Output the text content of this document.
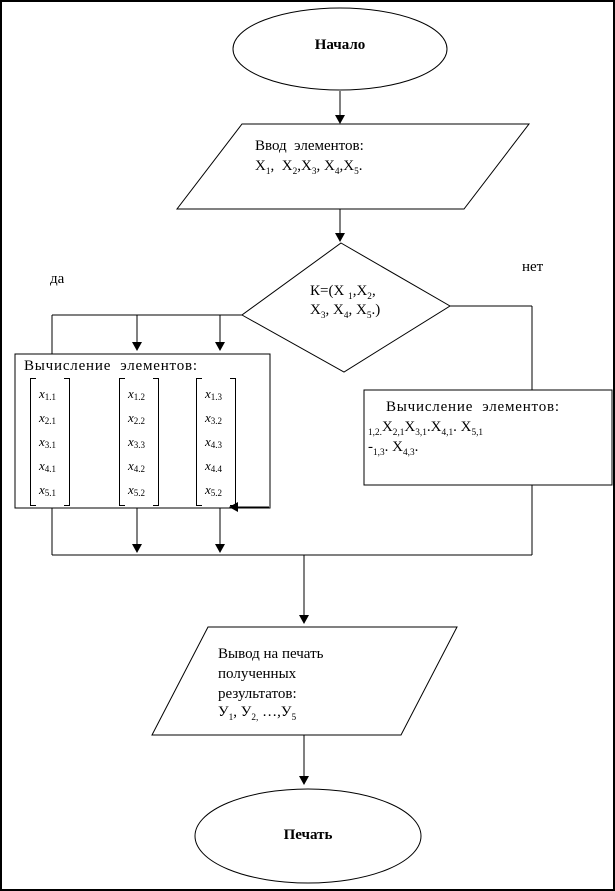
Начало
Ввод  элементов:
$Х_1$,  $Х_2,Х_3$, $Х_4,Х_5$.
К=(Х $_1,Х_2$,
$Х_3$, $Х_4$, $Х_5$.)
да
нет
Вычисление  элементов:
x 1.1
x 2.1
x 3.1
x 4.1
x 5.1
x 1.2
x 2.2
x 3.3
x 4.2
x 5.2
x 1.3
x 3.2
x 4.3
x 4.4
x 5.2
Вычисление  элементов:
$_{1,2.}Х_{2,1}Х_{3,1}.Х_{4,1}$. $Х_{5,1}$
$-_{1,3}$. $Х_{4,3}$.
Вывод на печать
полученных
результатов:
$У_1$, $У_{2,}$ $\dots,У_5$
Печать
